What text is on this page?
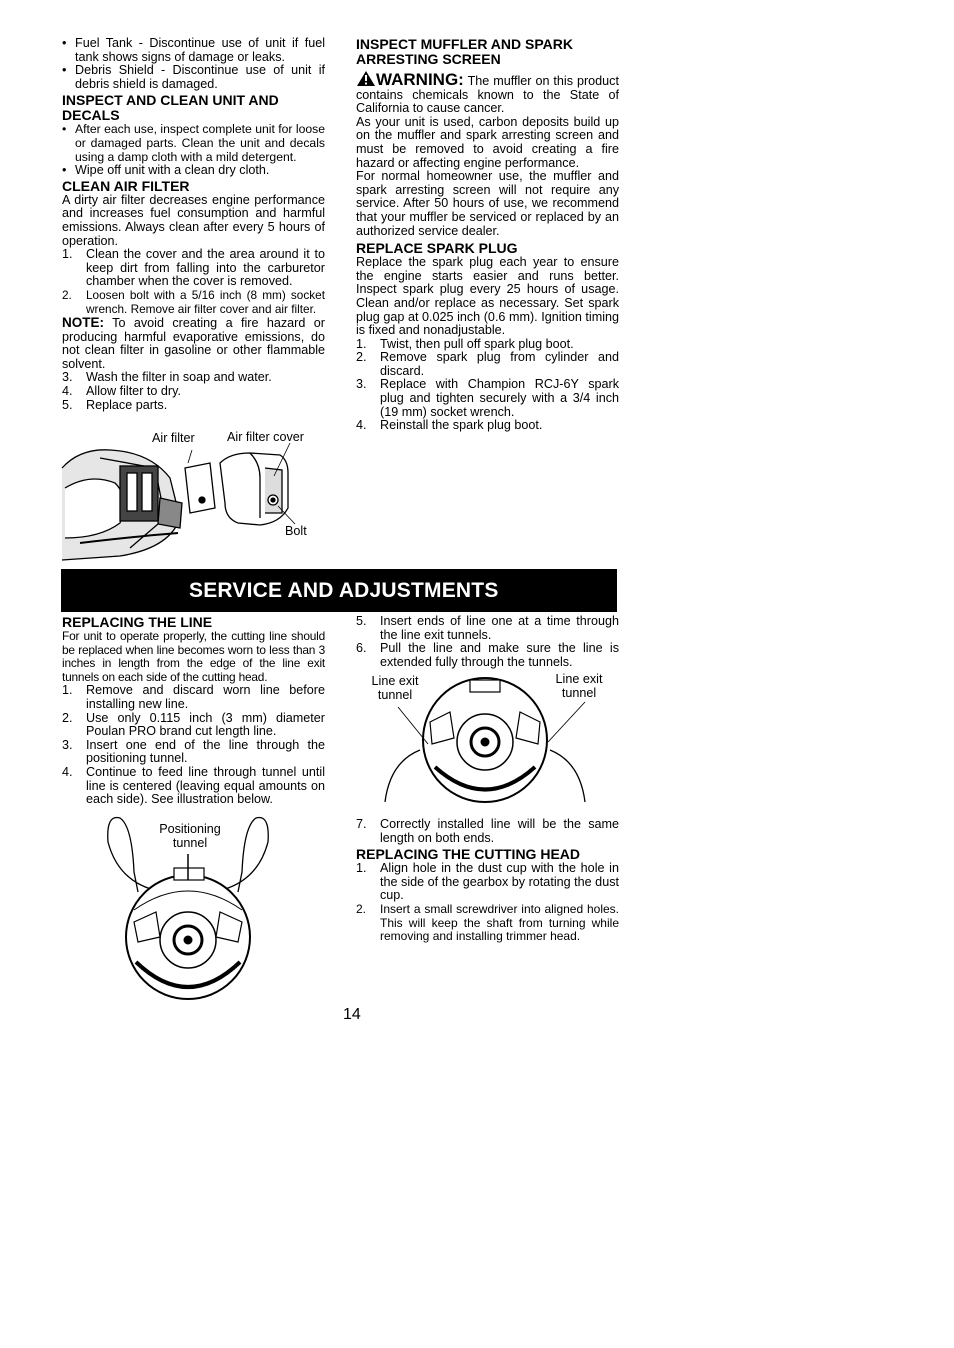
• Fuel Tank - Discontinue use of unit if fuel tank shows signs of damage or leaks.
• Debris Shield - Discontinue use of unit if debris shield is damaged.
INSPECT AND CLEAN UNIT AND DECALS
• After each use, inspect complete unit for loose or damaged parts. Clean the unit and decals using a damp cloth with a mild detergent.
• Wipe off unit with a clean dry cloth.
CLEAN AIR FILTER

A dirty air filter decreases engine performance and increases fuel consumption and harmful emissions. Always clean after every 5 hours of operation.

1. Clean the cover and the area around it to keep dirt from falling into the carburetor chamber when the cover is removed.
2. Loosen bolt with a 5/16 inch (8 mm) socket wrench. Remove air filter cover and air filter.

NOTE: To avoid creating a fire hazard or producing harmful evaporative emissions, do not clean filter in gasoline or other flammable solvent.

3. Wash the filter in soap and water.
4. Allow filter to dry.
5. Replace parts.
Air filter	Air filter cover
Bolt
INSPECT MUFFLER AND SPARK ARRESTING SCREEN

WARNING: The muffler on this product contains chemicals known to the State of California to cause cancer.

As your unit is used, carbon deposits build up on the muffler and spark arresting screen and must be removed to avoid creating a fire hazard or affecting engine performance.

For normal homeowner use, the muffler and spark arresting screen will not require any service. After 50 hours of use, we recommend that your muffler be serviced or replaced by an authorized service dealer.

REPLACE SPARK PLUG

Replace the spark plug each year to ensure the engine starts easier and runs better. Inspect spark plug every 25 hours of usage. Clean and/or replace as necessary. Set spark plug gap at 0.025 inch (0.6 mm). Ignition timing is fixed and nonadjustable.

1. Twist, then pull off spark plug boot.
2. Remove spark plug from cylinder and discard.
3. Replace with Champion RCJ-6Y spark plug and tighten securely with a 3/4 inch (19 mm) socket wrench.
4. Reinstall the spark plug boot.
SERVICE AND ADJUSTMENTS
REPLACING THE LINE

For unit to operate properly, the cutting line should be replaced when line becomes worn to less than 3 inches in length from the edge of the line exit tunnels on each side of the cutting head.

1. Remove and discard worn line before installing new line.
2. Use only 0.115 inch (3 mm) diameter Poulan PRO brand cut length line.
3. Insert one end of the line through the positioning tunnel.
4. Continue to feed line through tunnel until line is centered (leaving equal amounts on each side). See illustration below.
Positioning tunnel
5. Insert ends of line one at a time through the line exit tunnels.
6. Pull the line and make sure the line is extended fully through the tunnels.
Line exit tunnel
Line exit tunnel
7. Correctly installed line will be the same length on both ends.
REPLACING THE CUTTING HEAD
1. Align hole in the dust cup with the hole in the side of the gearbox by rotating the dust cup.
2. Insert a small screwdriver into aligned holes. This will keep the shaft from turning while removing and installing trimmer head.
14
